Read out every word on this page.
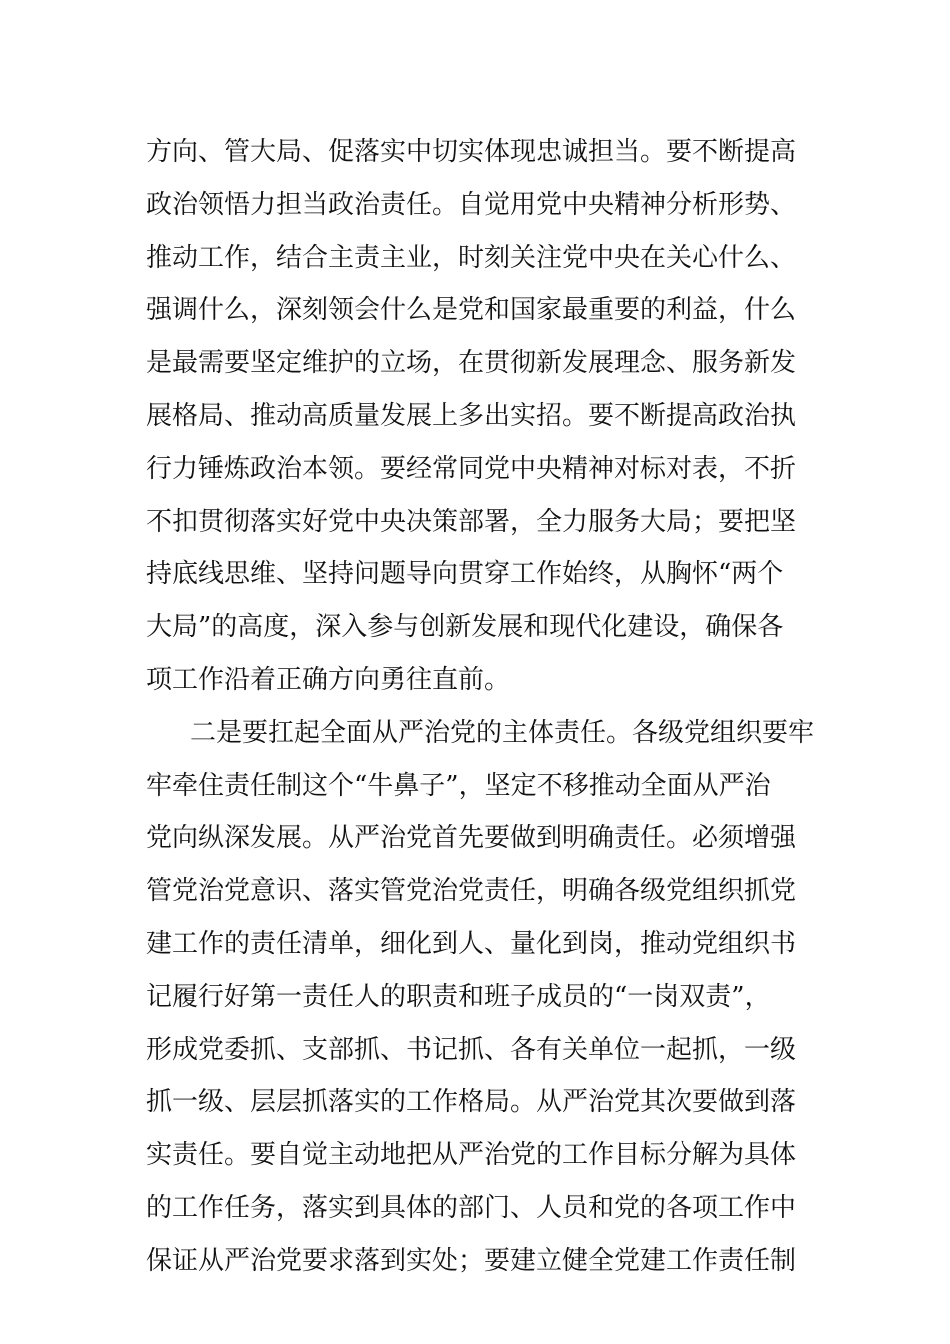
方向、管大局、促落实中切实体现忠诚担当。要不断提高
政治领悟力担当政治责任。自觉用党中央精神分析形势、
推动工作，结合主责主业，时刻关注党中央在关心什么、
强调什么，深刻领会什么是党和国家最重要的利益，什么
是最需要坚定维护的立场，在贯彻新发展理念、服务新发
展格局、推动高质量发展上多出实招。要不断提高政治执
行力锤炼政治本领。要经常同党中央精神对标对表，不折
不扣贯彻落实好党中央决策部署，全力服务大局；要把坚
持底线思维、坚持问题导向贯穿工作始终，从胸怀“两个
大局”的高度，深入参与创新发展和现代化建设，确保各
项工作沿着正确方向勇往直前。
二是要扛起全面从严治党的主体责任。各级党组织要牢
牢牵住责任制这个“牛鼻子”，坚定不移推动全面从严治
党向纵深发展。从严治党首先要做到明确责任。必须增强
管党治党意识、落实管党治党责任，明确各级党组织抓党
建工作的责任清单，细化到人、量化到岗，推动党组织书
记履行好第一责任人的职责和班子成员的“一岗双责”，
形成党委抓、支部抓、书记抓、各有关单位一起抓，一级
抓一级、层层抓落实的工作格局。从严治党其次要做到落
实责任。要自觉主动地把从严治党的工作目标分解为具体
的工作任务，落实到具体的部门、人员和党的各项工作中
保证从严治党要求落到实处；要建立健全党建工作责任制
